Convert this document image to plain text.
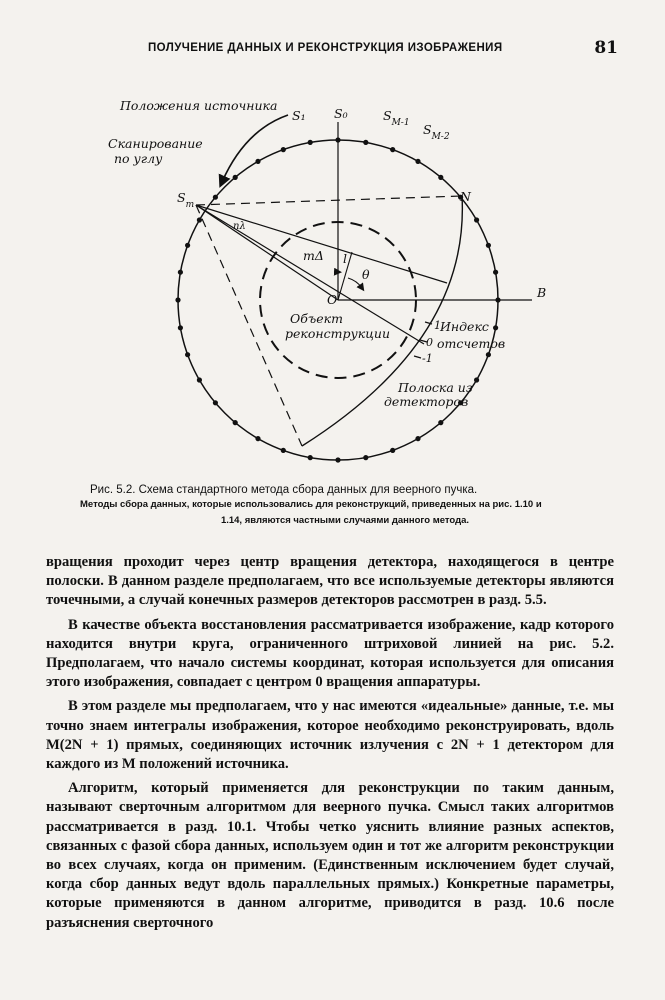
ПОЛУЧЕНИЕ ДАННЫХ И РЕКОНСТРУКЦИЯ ИЗОБРАЖЕНИЯ	81
Положения источника
Сканирование
по углу
S₁ S₀	$S_{M-1}$ $S_{M-2}$
$S_m$
N
B
O
l
θ
mΔ
nλ
Объект
реконструкции
1 Индекс
0 отсчетов
-1
Полоска из
детекторов
Рис. 5.2. Схема стандартного метода сбора данных для веерного пучка.
Методы сбора данных, которые использовались для реконструкций, приведенных на рис. 1.10 и
1.14, являются частными случаями данного метода.

вращения проходит через центр вращения детектора, находящегося в центре полоски. В данном разделе предполагаем, что все используемые детекторы являются точечными, а случай конечных размеров детекторов рассмотрен в разд. 5.5.

В качестве объекта восстановления рассматривается изображение, кадр которого находится внутри круга, ограниченного штриховой линией на рис. 5.2. Предполагаем, что начало системы координат, которая используется для описания этого изображения, совпадает с центром 0 вращения аппаратуры.

В этом разделе мы предполагаем, что у нас имеются «идеальные» данные, т.е. мы точно знаем интегралы изображения, которое необходимо реконструировать, вдоль M(2N + 1) прямых, соединяющих источник излучения с 2N + 1 детектором для каждого из M положений источника.

Алгоритм, который применяется для реконструкции по таким данным, называют сверточным алгоритмом для веерного пучка. Смысл таких алгоритмов рассматривается в разд. 10.1. Чтобы четко уяснить влияние разных аспектов, связанных с фазой сбора данных, используем один и тот же алгоритм реконструкции во всех случаях, когда он применим. (Единственным исключением будет случай, когда сбор данных ведут вдоль параллельных прямых.) Конкретные параметры, которые применяются в данном алгоритме, приводится в разд. 10.6 после разъяснения сверточного
